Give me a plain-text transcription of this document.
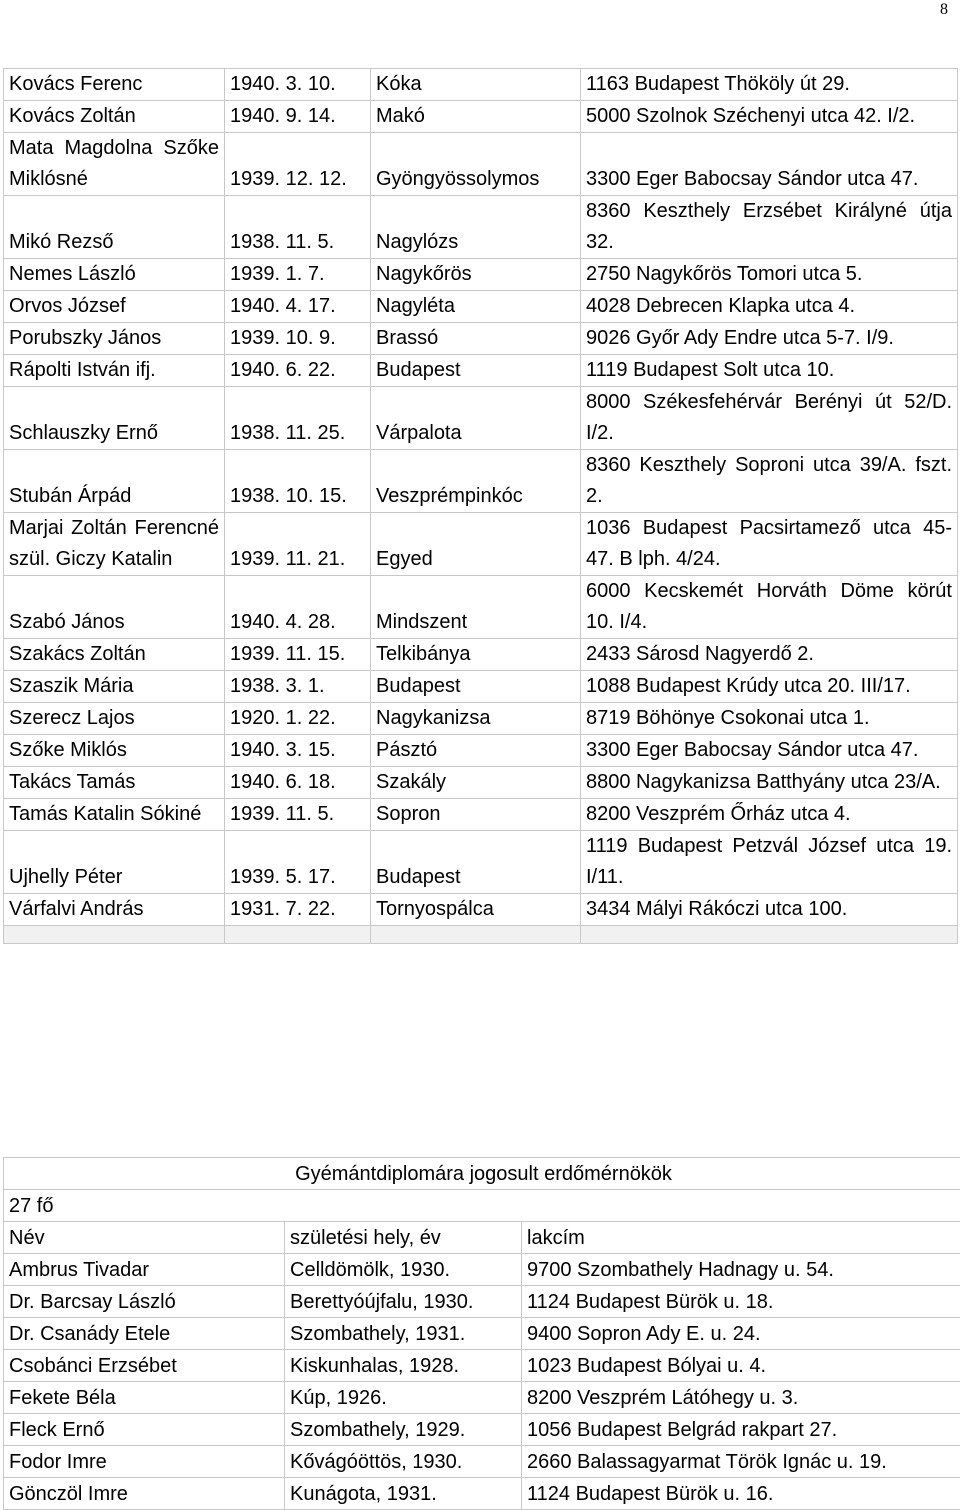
8
Kovács Ferenc	1940. 3. 10.	Kóka	1163 Budapest Thököly út 29.
Kovács Zoltán	1940. 9. 14.	Makó	5000 Szolnok Széchenyi utca 42. I/2.
Mata Magdolna Szőke Miklósné	1939. 12. 12.	Gyöngyössolymos	3300 Eger Babocsay Sándor utca 47.
Mikó Rezső	1938. 11. 5.	Nagylózs	8360 Keszthely Erzsébet Királyné útja 32.
Nemes László	1939. 1. 7.	Nagykőrös	2750 Nagykőrös Tomori utca 5.
Orvos József	1940. 4. 17.	Nagyléta	4028 Debrecen Klapka utca 4.
Porubszky János	1939. 10. 9.	Brassó	9026 Győr Ady Endre utca 5-7. I/9.
Rápolti István ifj.	1940. 6. 22.	Budapest	1119 Budapest Solt utca 10.
Schlauszky Ernő	1938. 11. 25.	Várpalota	8000 Székesfehérvár Berényi út 52/D. I/2.
Stubán Árpád	1938. 10. 15.	Veszprémpinkóc	8360 Keszthely Soproni utca 39/A. fszt. 2.
Marjai Zoltán Ferencné szül. Giczy Katalin	1939. 11. 21.	Egyed	1036 Budapest Pacsirtamező utca 45-47. B lph. 4/24.
Szabó János	1940. 4. 28.	Mindszent	6000 Kecskemét Horváth Döme körút 10. I/4.
Szakács Zoltán	1939. 11. 15.	Telkibánya	2433 Sárosd Nagyerdő 2.
Szaszik Mária	1938. 3. 1.	Budapest	1088 Budapest Krúdy utca 20. III/17.
Szerecz Lajos	1920. 1. 22.	Nagykanizsa	8719 Böhönye Csokonai utca 1.
Szőke Miklós	1940. 3. 15.	Pásztó	3300 Eger Babocsay Sándor utca 47.
Takács Tamás	1940. 6. 18.	Szakály	8800 Nagykanizsa Batthyány utca 23/A.
Tamás Katalin Sókiné	1939. 11. 5.	Sopron	8200 Veszprém Őrház utca 4.
Ujhelly Péter	1939. 5. 17.	Budapest	1119 Budapest Petzvál József utca 19. I/11.
Várfalvi András	1931. 7. 22.	Tornyospálca	3434 Mályi Rákóczi utca 100.

Gyémántdiplomára jogosult erdőmérnökök		
27 fő		
Név	születési hely, év	lakcím
Ambrus Tivadar	Celldömölk, 1930.	9700 Szombathely Hadnagy u. 54.
Dr. Barcsay László	Berettyóújfalu, 1930.	1124 Budapest Bürök u. 18.
Dr. Csanády Etele	Szombathely, 1931.	9400 Sopron Ady E. u. 24.
Csobánci Erzsébet	Kiskunhalas, 1928.	1023 Budapest Bólyai u. 4.
Fekete Béla	Kúp, 1926.	8200 Veszprém Látóhegy u. 3.
Fleck Ernő	Szombathely, 1929.	1056 Budapest Belgrád rakpart 27.
Fodor Imre	Kővágóöttös, 1930.	2660 Balassagyarmat Török Ignác u. 19.
Gönczöl Imre	Kunágota, 1931.	1124 Budapest Bürök u. 16.
